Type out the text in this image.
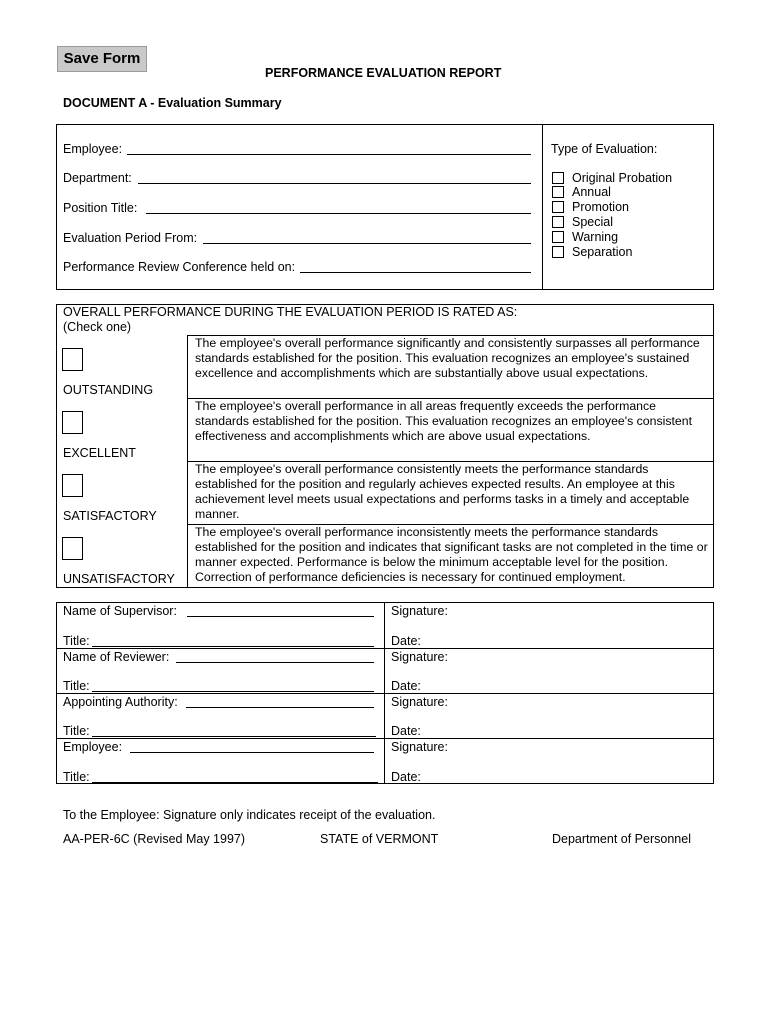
Save Form
PERFORMANCE EVALUATION REPORT
DOCUMENT A - Evaluation Summary
Employee:
Department:
Position Title:
Evaluation Period From:
Performance Review Conference held on:
Type of Evaluation:
Original Probation
Annual
Promotion
Special
Warning
Separation
OVERALL PERFORMANCE DURING THE EVALUATION PERIOD IS RATED AS:
(Check one)
OUTSTANDING
The employee's overall performance significantly and consistently surpasses all performance standards established for the position. This evaluation recognizes an employee's sustained excellence and accomplishments which are substantially above usual expectations.
EXCELLENT
The employee's overall performance in all areas frequently exceeds the performance standards established for the position. This evaluation recognizes an employee's consistent effectiveness and accomplishments which are above usual expectations.
SATISFACTORY
The employee's overall performance consistently meets the performance standards established for the position and regularly achieves expected results. An employee at this achievement level meets usual expectations and performs tasks in a timely and acceptable manner.
UNSATISFACTORY
The employee's overall performance inconsistently meets the performance standards established for the position and indicates that significant tasks are not completed in the time or manner expected. Performance is below the minimum acceptable level for the position. Correction of performance deficiencies is necessary for continued employment.
Name of Supervisor:
Title:
Signature:
Date:
Name of Reviewer:
Title:
Signature:
Date:
Appointing Authority:
Title:
Signature:
Date:
Employee:
Title:
Signature:
Date:
To the Employee: Signature only indicates receipt of the evaluation.
AA-PER-6C (Revised May 1997)	STATE of VERMONT	Department of Personnel
